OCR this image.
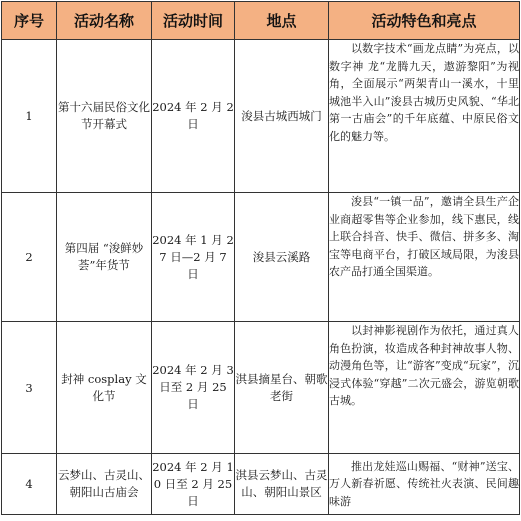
序号	活动名称	活动时间	地点	活动特色和亮点
1	第十六届民俗文化节开幕式	2024 年 2 月 2 日	浚县古城西城门	以数字技术“画龙点睛”为亮点，以数字神 龙“龙腾九天，遨游黎阳”为视角，全面展示“两架青山一溪水，十里城池半入山”浚县古城历史风貌、“华北第一古庙会”的千年底蕴、中原民俗文化的魅力等。
2	第四届 “浚鲜妙荟”年货节	2024 年 1 月 27 日—2 月 7 日	浚县云溪路	浚县“一镇一品”，邀请全县生产企业商超零售等企业参加，线下惠民，线上联合抖音、快手、微信、拼多多、淘宝等电商平台，打破区域局限，为浚县农产品打通全国渠道。
3	封神 cosplay 文化节	2024 年 2 月 3 日至 2 月 25 日	淇县摘星台、朝歌老街	以封神影视剧作为依托，通过真人角色扮演，妆造成各种封神故事人物、动漫角色等，让“游客”变成“玩家”，沉浸式体验“穿越”二次元盛会，游览朝歌古城。
4	云梦山、古灵山、朝阳山古庙会	2024 年 2 月 10 日至 2 月 25 日	淇县云梦山、古灵山、朝阳山景区	推出龙娃巡山赐福、“财神”送宝、万人新春祈愿、传统社火表演、民间趣味游
